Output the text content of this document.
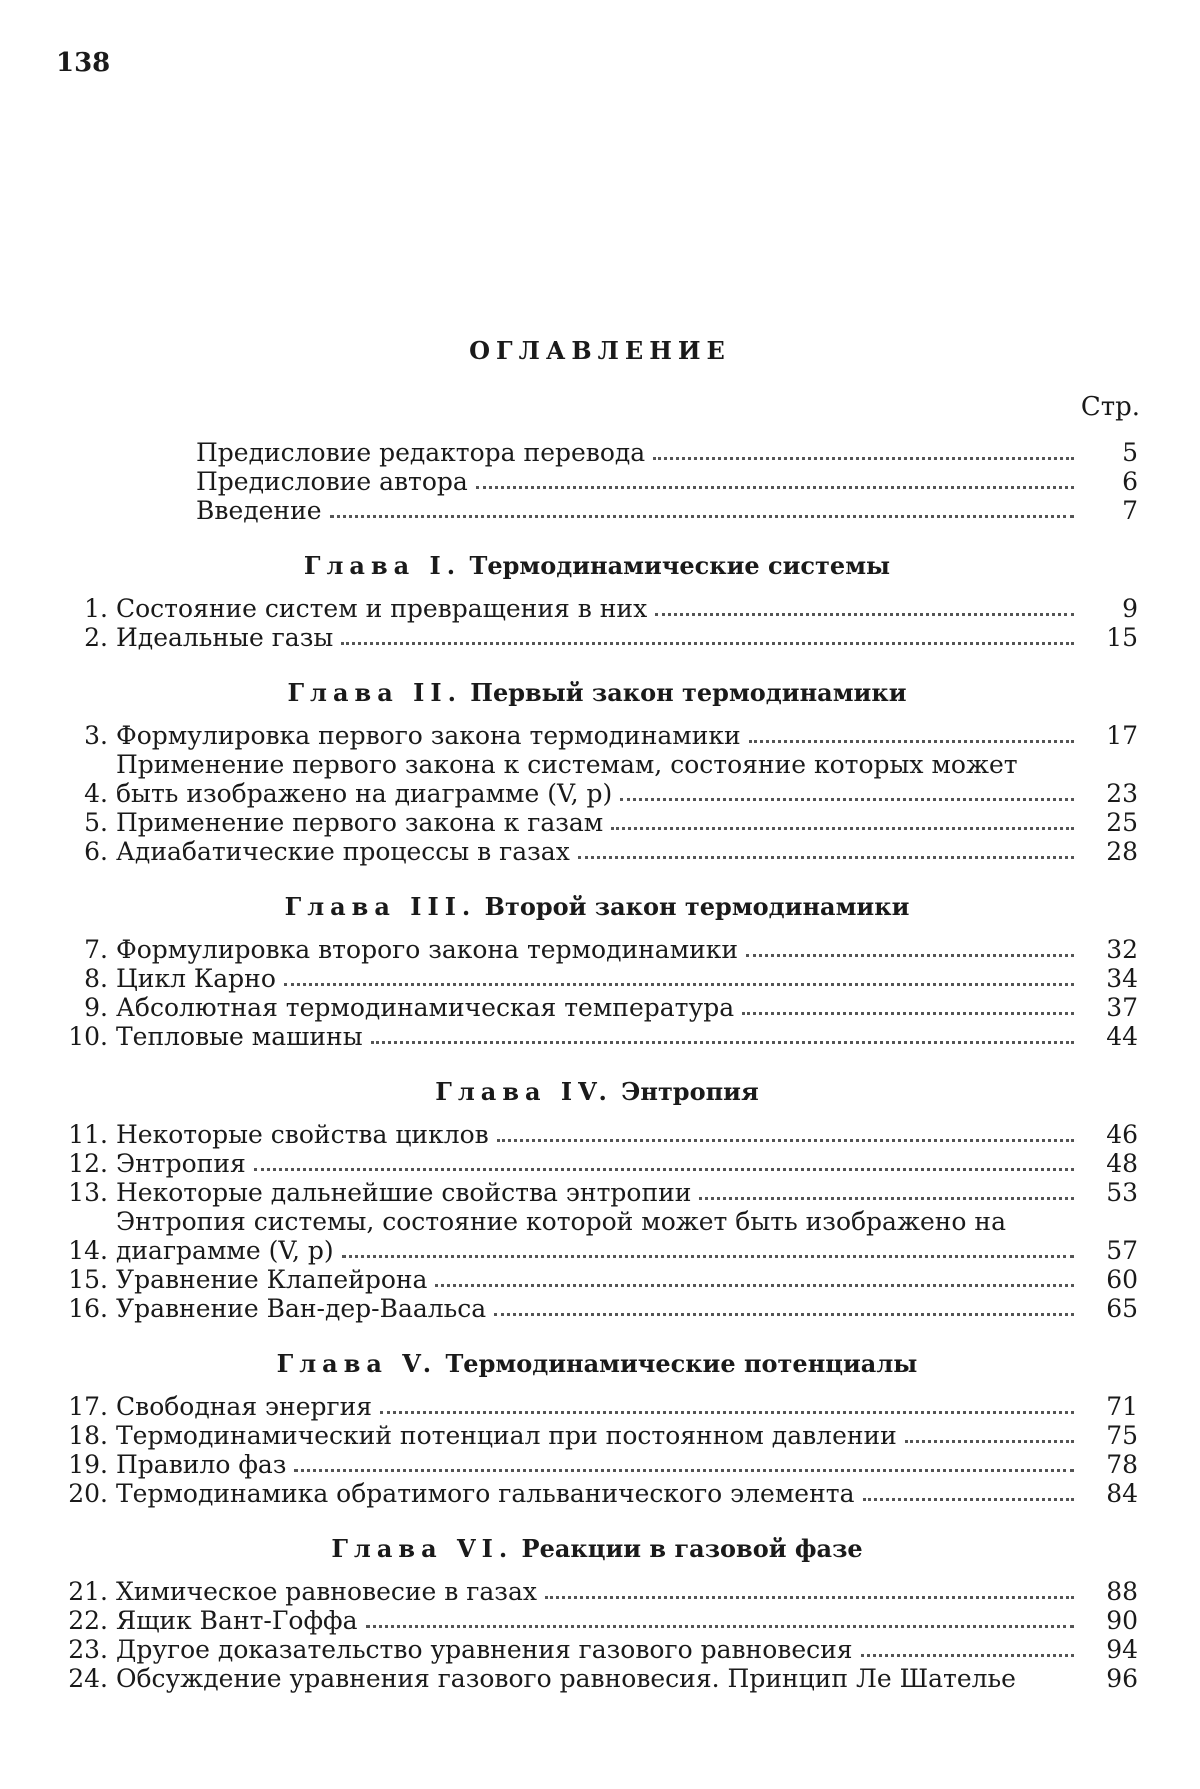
138
ОГЛАВЛЕНИЕ
Стр.
Предисловие редактора перевода	5
Предисловие автора	6
Введение	7
Глава I. Термодинамические системы
1. Состояние систем и превращения в них	9
2. Идеальные газы	15
Глава II. Первый закон термодинамики
3. Формулировка первого закона термодинамики	17
4.
Применение первого закона к системам, состояние которых может
быть изображено на диаграмме (V, p)	23
5. Применение первого закона к газам	25
6. Адиабатические процессы в газах	28
Глава III. Второй закон термодинамики
7. Формулировка второго закона термодинамики	32
8. Цикл Карно	34
9. Абсолютная термодинамическая температура	37
10. Тепловые машины	44
Глава IV. Энтропия
11. Некоторые свойства циклов	46
12. Энтропия	48
13. Некоторые дальнейшие свойства энтропии	53
14.
Энтропия системы, состояние которой может быть изображено на
диаграмме (V, p)	57
15. Уравнение Клапейрона	60
16. Уравнение Ван-дер-Ваальса	65
Глава V. Термодинамические потенциалы
17. Свободная энергия	71
18. Термодинамический потенциал при постоянном давлении	75
19. Правило фаз	78
20. Термодинамика обратимого гальванического элемента	84
Глава VI. Реакции в газовой фазе
21. Химическое равновесие в газах	88
22. Ящик Вант-Гоффа	90
23. Другое доказательство уравнения газового равновесия	94
24. Обсуждение уравнения газового равновесия. Принцип Ле Шателье	96
